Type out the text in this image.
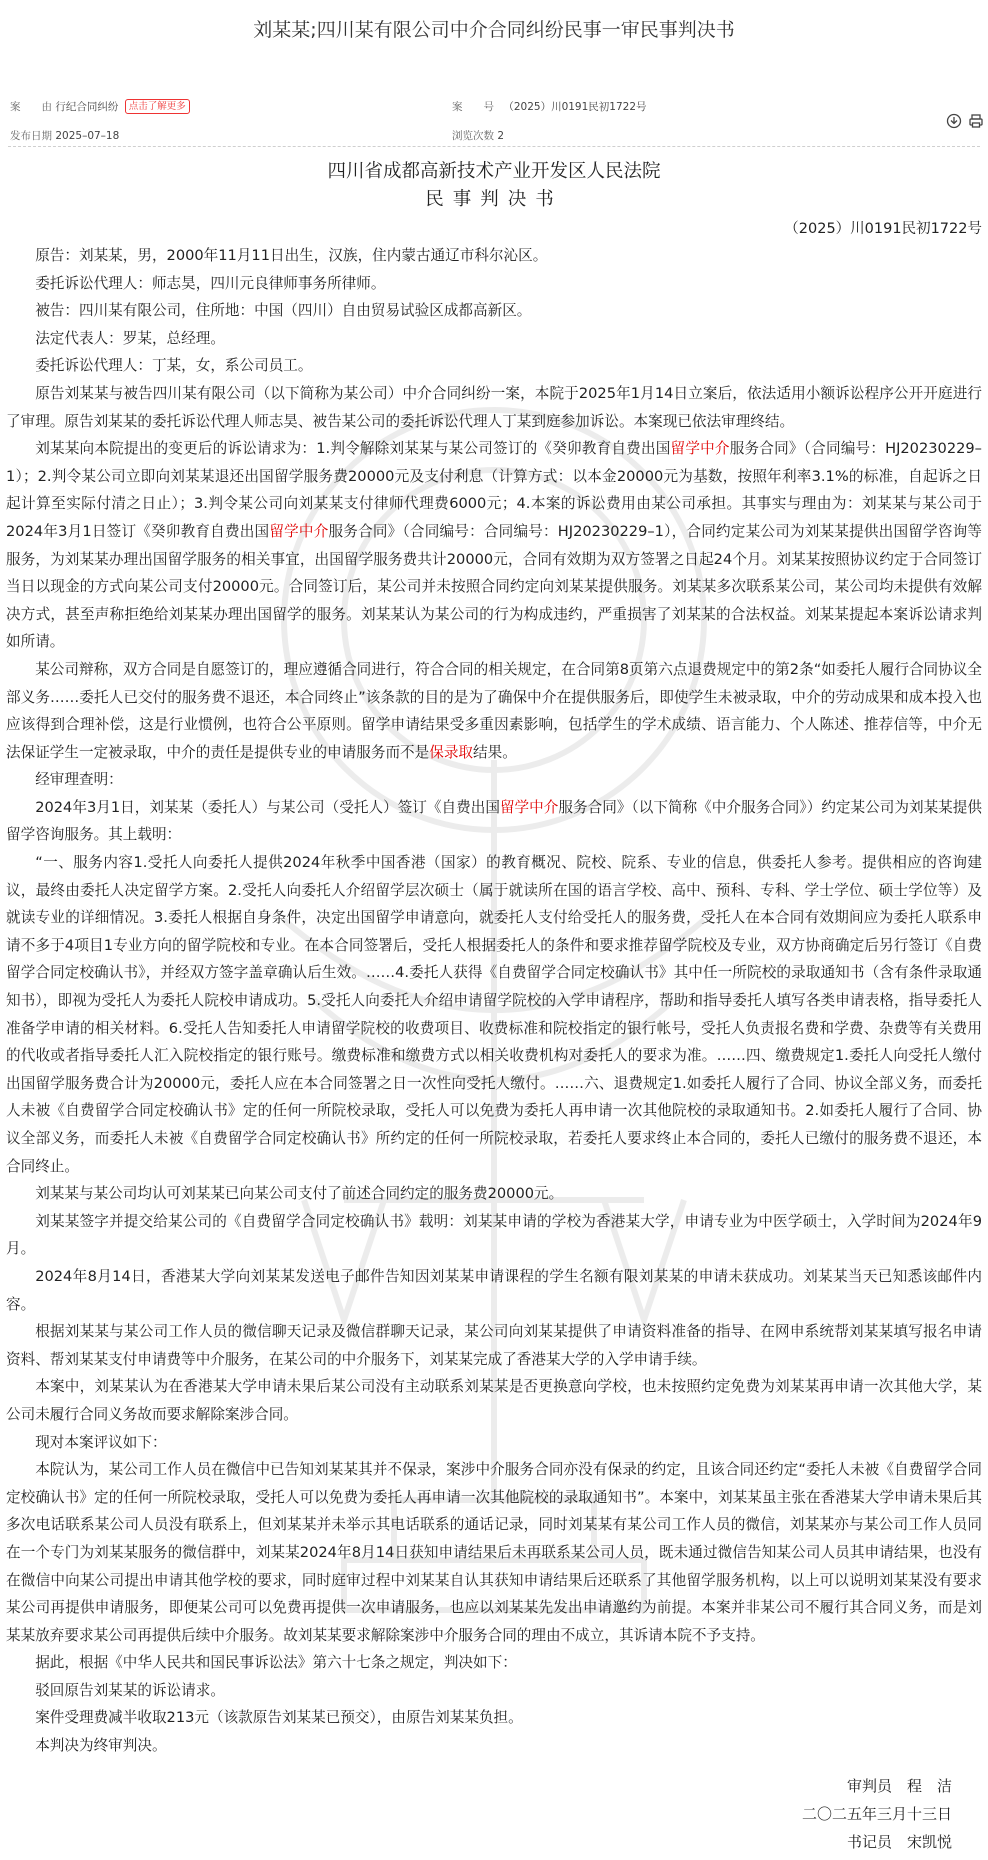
刘某某;四川某有限公司中介合同纠纷民事一审民事判决书
案　　由 行纪合同纠纷 点击了解更多	案　　号 （2025）川0191民初1722号
发布日期 2025–07–18	浏览次数 2
四川省成都高新技术产业开发区人民法院
民事判决书
（2025）川0191民初1722号

原告：刘某某，男，2000年11月11日出生，汉族，住内蒙古通辽市科尔沁区。

委托诉讼代理人：师志昊，四川元良律师事务所律师。

被告：四川某有限公司，住所地：中国（四川）自由贸易试验区成都高新区。

法定代表人：罗某，总经理。

委托诉讼代理人：丁某，女，系公司员工。

原告刘某某与被告四川某有限公司（以下简称为某公司）中介合同纠纷一案，本院于2025年1月14日立案后，依法适用小额诉讼程序公开开庭进行了审理。原告刘某某的委托诉讼代理人师志昊、被告某公司的委托诉讼代理人丁某到庭参加诉讼。本案现已依法审理终结。

刘某某向本院提出的变更后的诉讼请求为：1.判令解除刘某某与某公司签订的《癸卯教育自费出国留学中介服务合同》（合同编号：HJ20230229–1）；2.判令某公司立即向刘某某退还出国留学服务费20000元及支付利息（计算方式：以本金20000元为基数，按照年利率3.1%的标准，自起诉之日起计算至实际付清之日止）；3.判令某公司向刘某某支付律师代理费6000元；4.本案的诉讼费用由某公司承担。其事实与理由为：刘某某与某公司于2024年3月1日签订《癸卯教育自费出国留学中介服务合同》（合同编号：合同编号：HJ20230229–1），合同约定某公司为刘某某提供出国留学咨询等服务，为刘某某办理出国留学服务的相关事宜，出国留学服务费共计20000元，合同有效期为双方签署之日起24个月。刘某某按照协议约定于合同签订当日以现金的方式向某公司支付20000元。合同签订后，某公司并未按照合同约定向刘某某提供服务。刘某某多次联系某公司，某公司均未提供有效解决方式，甚至声称拒绝给刘某某办理出国留学的服务。刘某某认为某公司的行为构成违约，严重损害了刘某某的合法权益。刘某某提起本案诉讼请求判如所请。

某公司辩称，双方合同是自愿签订的，理应遵循合同进行，符合合同的相关规定，在合同第8页第六点退费规定中的第2条“如委托人履行合同协议全部义务……委托人已交付的服务费不退还，本合同终止”该条款的目的是为了确保中介在提供服务后，即使学生未被录取，中介的劳动成果和成本投入也应该得到合理补偿，这是行业惯例，也符合公平原则。留学申请结果受多重因素影响，包括学生的学术成绩、语言能力、个人陈述、推荐信等，中介无法保证学生一定被录取，中介的责任是提供专业的申请服务而不是保录取结果。

经审理查明：

2024年3月1日，刘某某（委托人）与某公司（受托人）签订《自费出国留学中介服务合同》（以下简称《中介服务合同》）约定某公司为刘某某提供留学咨询服务。其上载明：

“一、服务内容1.受托人向委托人提供2024年秋季中国香港（国家）的教育概况、院校、院系、专业的信息，供委托人参考。提供相应的咨询建议，最终由委托人决定留学方案。2.受托人向委托人介绍留学层次硕士（属于就读所在国的语言学校、高中、预科、专科、学士学位、硕士学位等）及就读专业的详细情况。3.委托人根据自身条件，决定出国留学申请意向，就委托人支付给受托人的服务费，受托人在本合同有效期间应为委托人联系申请不多于4项目1专业方向的留学院校和专业。在本合同签署后，受托人根据委托人的条件和要求推荐留学院校及专业，双方协商确定后另行签订《自费留学合同定校确认书》，并经双方签字盖章确认后生效。……4.委托人获得《自费留学合同定校确认书》其中任一所院校的录取通知书（含有条件录取通知书），即视为受托人为委托人院校申请成功。5.受托人向委托人介绍申请留学院校的入学申请程序，帮助和指导委托人填写各类申请表格，指导委托人准备学申请的相关材料。6.受托人告知委托人申请留学院校的收费项目、收费标准和院校指定的银行帐号，受托人负责报名费和学费、杂费等有关费用的代收或者指导委托人汇入院校指定的银行账号。缴费标准和缴费方式以相关收费机构对委托人的要求为准。……四、缴费规定1.委托人向受托人缴付出国留学服务费合计为20000元，委托人应在本合同签署之日一次性向受托人缴付。……六、退费规定1.如委托人履行了合同、协议全部义务，而委托人未被《自费留学合同定校确认书》定的任何一所院校录取，受托人可以免费为委托人再申请一次其他院校的录取通知书。2.如委托人履行了合同、协议全部义务，而委托人未被《自费留学合同定校确认书》所约定的任何一所院校录取，若委托人要求终止本合同的，委托人已缴付的服务费不退还，本合同终止。

刘某某与某公司均认可刘某某已向某公司支付了前述合同约定的服务费20000元。

刘某某签字并提交给某公司的《自费留学合同定校确认书》载明：刘某某申请的学校为香港某大学，申请专业为中医学硕士，入学时间为2024年9月。

2024年8月14日，香港某大学向刘某某发送电子邮件告知因刘某某申请课程的学生名额有限刘某某的申请未获成功。刘某某当天已知悉该邮件内容。

根据刘某某与某公司工作人员的微信聊天记录及微信群聊天记录，某公司向刘某某提供了申请资料准备的指导、在网申系统帮刘某某填写报名申请资料、帮刘某某支付申请费等中介服务，在某公司的中介服务下，刘某某完成了香港某大学的入学申请手续。

本案中，刘某某认为在香港某大学申请未果后某公司没有主动联系刘某某是否更换意向学校，也未按照约定免费为刘某某再申请一次其他大学，某公司未履行合同义务故而要求解除案涉合同。

现对本案评议如下：

本院认为，某公司工作人员在微信中已告知刘某某其并不保录，案涉中介服务合同亦没有保录的约定，且该合同还约定“委托人未被《自费留学合同定校确认书》定的任何一所院校录取，受托人可以免费为委托人再申请一次其他院校的录取通知书”。本案中，刘某某虽主张在香港某大学申请未果后其多次电话联系某公司人员没有联系上，但刘某某并未举示其电话联系的通话记录，同时刘某某有某公司工作人员的微信，刘某某亦与某公司工作人员同在一个专门为刘某某服务的微信群中，刘某某2024年8月14日获知申请结果后未再联系某公司人员，既未通过微信告知某公司人员其申请结果，也没有在微信中向某公司提出申请其他学校的要求，同时庭审过程中刘某某自认其获知申请结果后还联系了其他留学服务机构，以上可以说明刘某某没有要求某公司再提供申请服务，即便某公司可以免费再提供一次申请服务，也应以刘某某先发出申请邀约为前提。本案并非某公司不履行其合同义务，而是刘某某放弃要求某公司再提供后续中介服务。故刘某某要求解除案涉中介服务合同的理由不成立，其诉请本院不予支持。

据此，根据《中华人民共和国民事诉讼法》第六十七条之规定，判决如下：

驳回原告刘某某的诉讼请求。

案件受理费减半收取213元（该款原告刘某某已预交），由原告刘某某负担。

本判决为终审判决。

审判员　程　洁
二〇二五年三月十三日
书记员　宋凯悦
